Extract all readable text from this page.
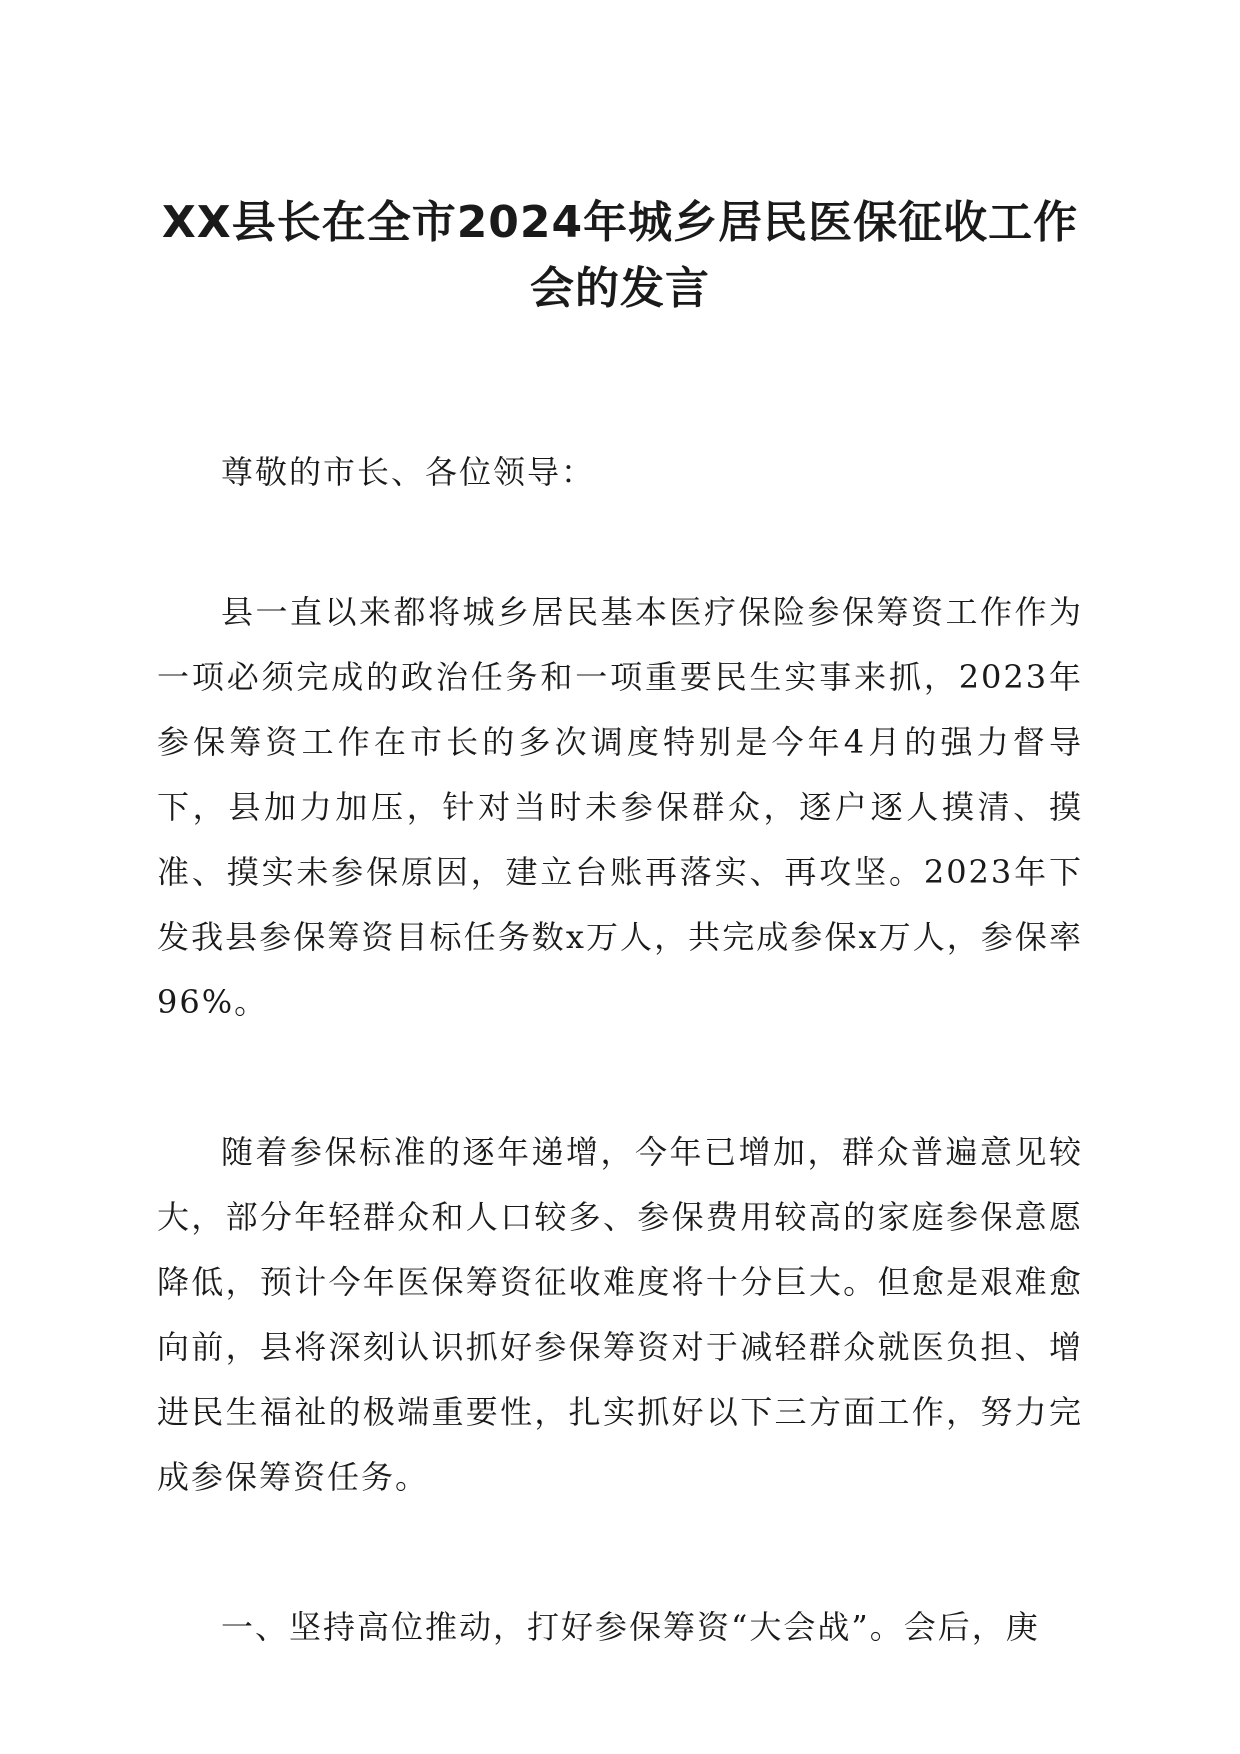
XX县长在全市2024年城乡居民医保征收工作
会的发言

尊敬的市长、各位领导：

县一直以来都将城乡居民基本医疗保险参保筹资工作作为一项必须完成的政治任务和一项重要民生实事来抓，2023年参保筹资工作在市长的多次调度特别是今年4月的强力督导下，县加力加压，针对当时未参保群众，逐户逐人摸清、摸准、摸实未参保原因，建立台账再落实、再攻坚。2023年下发我县参保筹资目标任务数x万人，共完成参保x万人，参保率96%。

随着参保标准的逐年递增，今年已增加，群众普遍意见较大，部分年轻群众和人口较多、参保费用较高的家庭参保意愿降低，预计今年医保筹资征收难度将十分巨大。但愈是艰难愈向前，县将深刻认识抓好参保筹资对于减轻群众就医负担、增进民生福祉的极端重要性，扎实抓好以下三方面工作，努力完成参保筹资任务。

一、坚持高位推动，打好参保筹资“大会战”。会后，庚
